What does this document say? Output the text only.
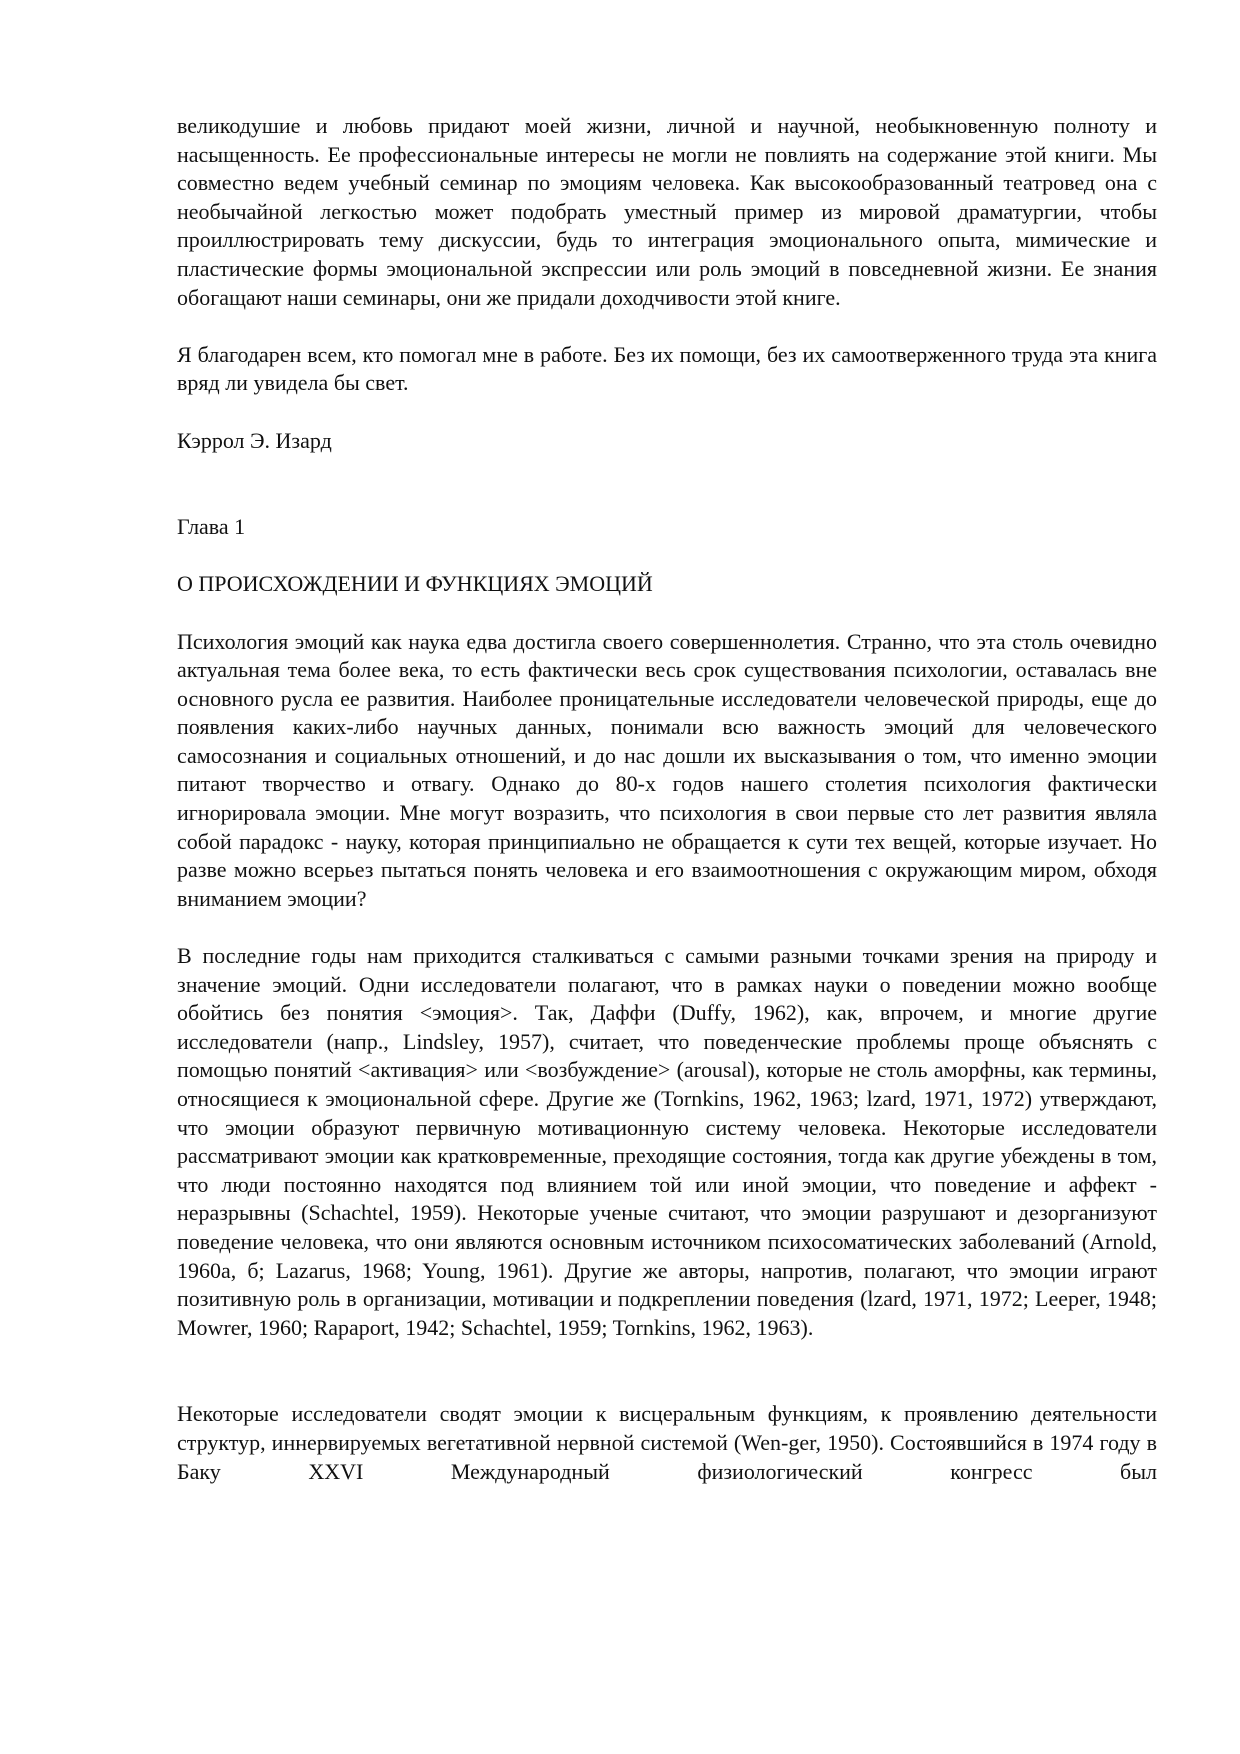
великодушие и любовь придают моей жизни, личной и научной, необыкновенную полноту и насыщенность. Ее профессиональные интересы не могли не повлиять на содержание этой книги. Мы совместно ведем учебный семинар по эмоциям человека. Как высокообразованный театровед она с необычайной легкостью может подобрать уместный пример из мировой драматургии, чтобы проиллюстрировать тему дискуссии, будь то интеграция эмоционального опыта, мимические и пластические формы эмоциональной экспрессии или роль эмоций в повседневной жизни. Ее знания обогащают наши семинары, они же придали доходчивости этой книге.

Я благодарен всем, кто помогал мне в работе. Без их помощи, без их самоотверженного труда эта книга вряд ли увидела бы свет.

Кэррол Э. Изард

Глава 1

О ПРОИСХОЖДЕНИИ И ФУНКЦИЯХ ЭМОЦИЙ

Психология эмоций как наука едва достигла своего совершеннолетия. Странно, что эта столь очевидно актуальная тема более века, то есть фактически весь срок существования психологии, оставалась вне основного русла ее развития. Наиболее проницательные исследователи человеческой природы, еще до появления каких-либо научных данных, понимали всю важность эмоций для человеческого самосознания и социальных отношений, и до нас дошли их высказывания о том, что именно эмоции питают творчество и отвагу. Однако до 80-х годов нашего столетия психология фактически игнорировала эмоции. Мне могут возразить, что психология в свои первые сто лет развития являла собой парадокс - науку, которая принципиально не обращается к сути тех вещей, которые изучает. Но разве можно всерьез пытаться понять человека и его взаимоотношения с окружающим миром, обходя вниманием эмоции?

В последние годы нам приходится сталкиваться с самыми разными точками зрения на природу и значение эмоций. Одни исследователи полагают, что в рамках науки о поведении можно вообще обойтись без понятия <эмоция>. Так, Даффи (Duffy, 1962), как, впрочем, и многие другие исследователи (напр., Lindsley, 1957), считает, что поведенческие проблемы проще объяснять с помощью понятий <активация> или <возбуждение> (arousal), которые не столь аморфны, как термины, относящиеся к эмоциональной сфере. Другие же (Tornkins, 1962, 1963; lzard, 1971, 1972) утверждают, что эмоции образуют первичную мотивационную систему человека. Некоторые исследователи рассматривают эмоции как кратковременные, преходящие состояния, тогда как другие убеждены в том, что люди постоянно находятся под влиянием той или иной эмоции, что поведение и аффект - неразрывны (Schachtel, 1959). Некоторые ученые считают, что эмоции разрушают и дезорганизуют поведение человека, что они являются основным источником психосоматических заболеваний (Arnold, 1960а, б; Lazarus, 1968; Young, 1961). Другие же авторы, напротив, полагают, что эмоции играют позитивную роль в организации, мотивации и подкреплении поведения (lzard, 1971, 1972; Leeper, 1948; Mowrer, 1960; Rapaport, 1942; Schachtel, 1959; Tornkins, 1962, 1963).

Некоторые исследователи сводят эмоции к висцеральным функциям, к проявлению деятельности структур, иннервируемых вегетативной нервной системой (Wen-ger, 1950). Состоявшийся в 1974 году в Баку XXVI Международный физиологический конгресс был
